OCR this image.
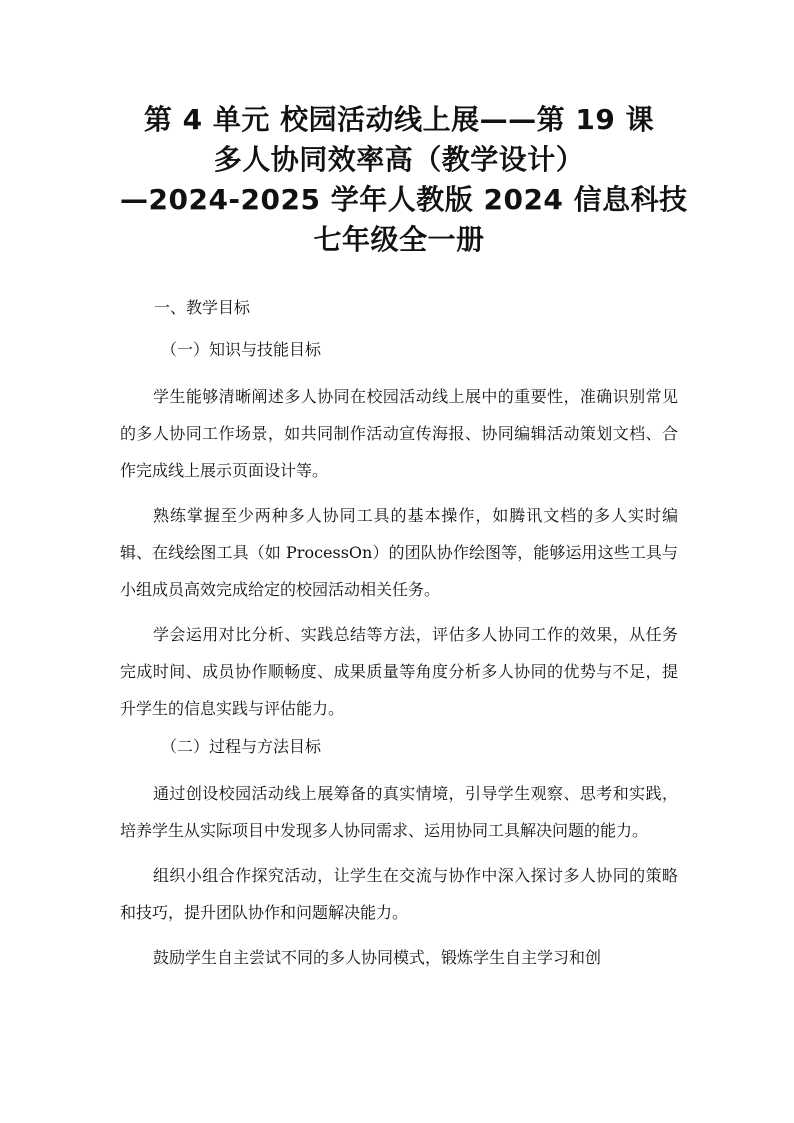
第 4 单元 校园活动线上展——第 19 课
多人协同效率高（教学设计）
—2024-2025 学年人教版 2024 信息科技
七年级全一册
一、教学目标
（一）知识与技能目标

学生能够清晰阐述多人协同在校园活动线上展中的重要性，准确识别常见的多人协同工作场景，如共同制作活动宣传海报、协同编辑活动策划文档、合作完成线上展示页面设计等。

熟练掌握至少两种多人协同工具的基本操作，如腾讯文档的多人实时编辑、在线绘图工具（如 ProcessOn）的团队协作绘图等，能够运用这些工具与小组成员高效完成给定的校园活动相关任务。

学会运用对比分析、实践总结等方法，评估多人协同工作的效果，从任务完成时间、成员协作顺畅度、成果质量等角度分析多人协同的优势与不足，提升学生的信息实践与评估能力。

（二）过程与方法目标

通过创设校园活动线上展筹备的真实情境，引导学生观察、思考和实践，培养学生从实际项目中发现多人协同需求、运用协同工具解决问题的能力。

组织小组合作探究活动，让学生在交流与协作中深入探讨多人协同的策略和技巧，提升团队协作和问题解决能力。

鼓励学生自主尝试不同的多人协同模式，锻炼学生自主学习和创
